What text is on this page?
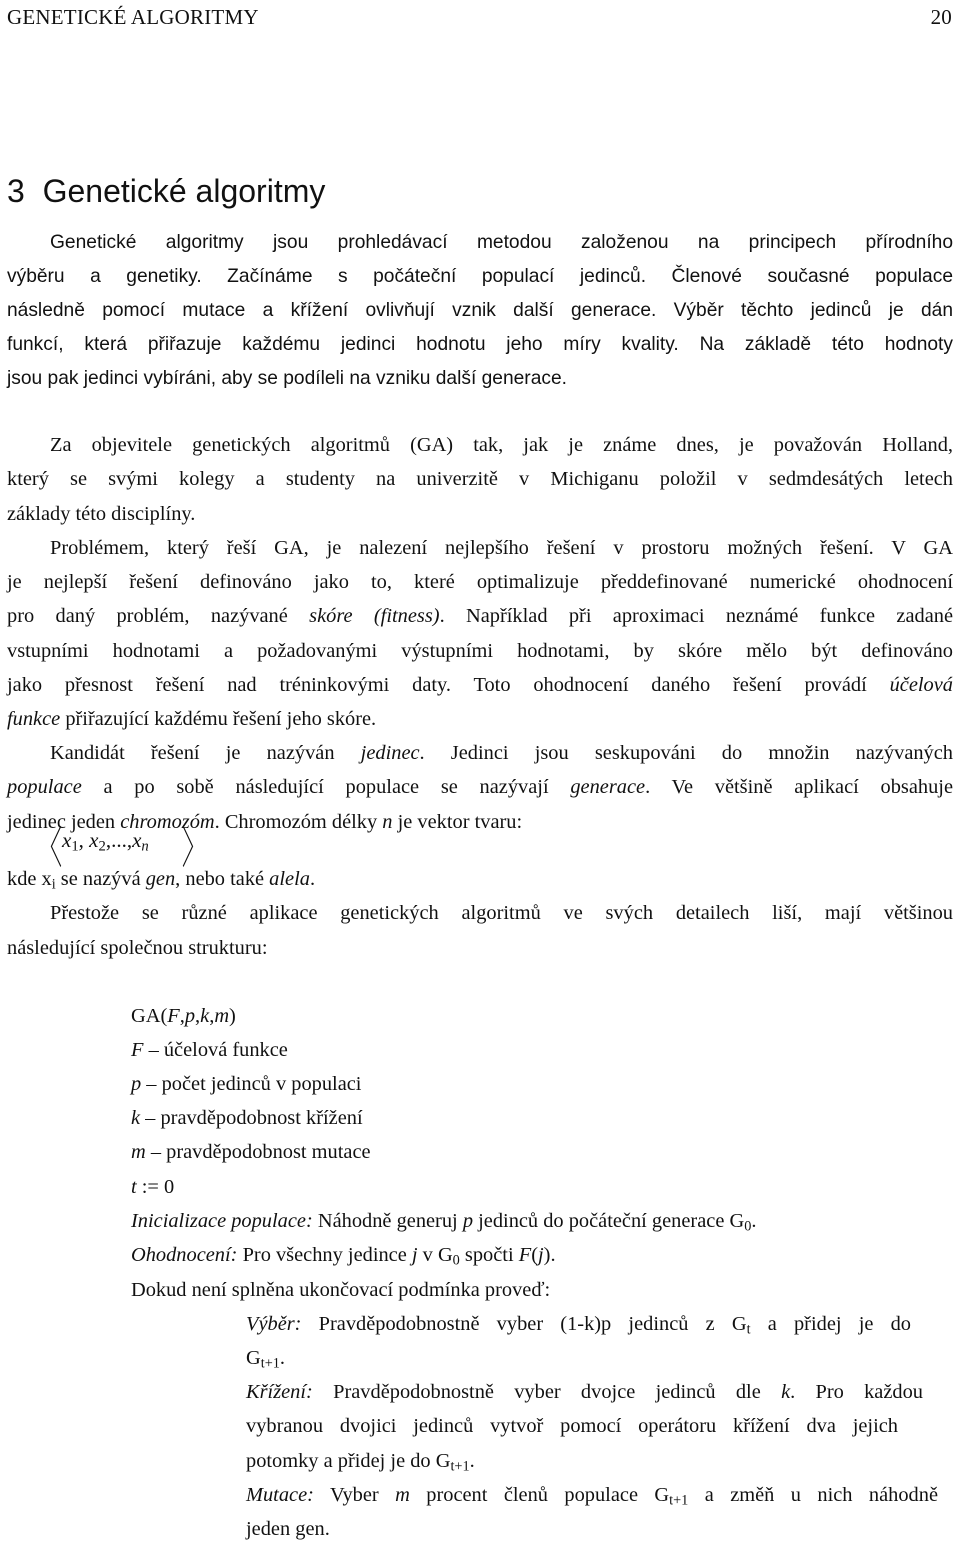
GENETICKÉ ALGORITMY	20
3 Genetické algoritmy
Genetické algoritmy jsou prohledávací metodou založenou na principech přírodního
výběru a genetiky. Začínáme s počáteční populací jedinců. Členové současné populace
následně pomocí mutace a křížení ovlivňují vznik další generace. Výběr těchto jedinců je dán
funkcí, která přiřazuje každému jedinci hodnotu jeho míry kvality. Na základě této hodnoty
jsou pak jedinci vybíráni, aby se podíleli na vzniku další generace.
Za objevitele genetických algoritmů (GA) tak, jak je známe dnes, je považován Holland,
který se svými kolegy a studenty na univerzitě v Michiganu položil v sedmdesátých letech
základy této disciplíny.
Problémem, který řeší GA, je nalezení nejlepšího řešení v prostoru možných řešení. V GA
je nejlepší řešení definováno jako to, které optimalizuje předdefinované numerické ohodnocení
pro daný problém, nazývané skóre (fitness). Například při aproximaci neznámé funkce zadané
vstupními hodnotami a požadovanými výstupními hodnotami, by skóre mělo být definováno
jako přesnost řešení nad tréninkovými daty. Toto ohodnocení daného řešení provádí účelová
funkce přiřazující každému řešení jeho skóre.
Kandidát řešení je nazýván jedinec. Jedinci jsou seskupováni do množin nazývaných
populace a po sobě následující populace se nazývají generace. Ve většině aplikací obsahuje
jedinec jeden chromozóm. Chromozóm délky n je vektor tvaru:
〈 $x_1$, $x_2,...,x_n$ 〉
kde $x_i$ se nazývá gen, nebo také alela.
Přestože se různé aplikace genetických algoritmů ve svých detailech liší, mají většinou
následující společnou strukturu:
GA(F,p,k,m)
F – účelová funkce
p – počet jedinců v populaci
k – pravděpodobnost křížení
m – pravděpodobnost mutace
t := 0
Inicializace populace: Náhodně generuj p jedinců do počáteční generace $G_0$.
Ohodnocení: Pro všechny jedince j v $G_0$ spočti F(j).
Dokud není splněna ukončovací podmínka proveď:
Výběr: Pravděpodobnostně vyber (1-k)p jedinců z $G_t$ a přidej je do
$G_{t+1}$.
Křížení: Pravděpodobnostně vyber dvojce jedinců dle k. Pro každou
vybranou dvojici jedinců vytvoř pomocí operátoru křížení dva jejich
potomky a přidej je do $G_{t+1}$.
Mutace: Vyber m procent členů populace $G_{t+1}$ a změň u nich náhodně
jeden gen.
